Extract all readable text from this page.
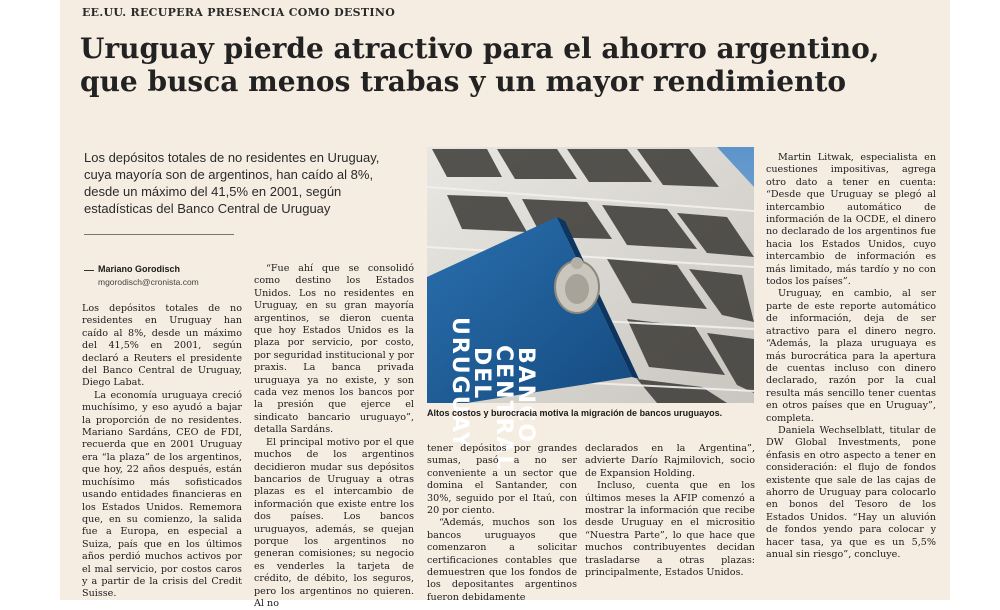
EE.UU. RECUPERA PRESENCIA COMO DESTINO
Uruguay pierde atractivo para el ahorro argentino, que busca menos trabas y un mayor rendimiento
Los depósitos totales de no residentes en Uruguay, cuya mayoría son de argentinos, han caído al 8%, desde un máximo del 41,5% en 2001, según estadísticas del Banco Central de Uruguay
Mariano Gorodisch
mgorodisch@cronista.com

Los depósitos totales de no residentes en Uruguay han caído al 8%, desde un máximo del 41,5% en 2001, según declaró a Reuters el presidente del Banco Central de Uruguay, Diego Labat.

La economía uruguaya creció muchísimo, y eso ayudó a bajar la proporción de no residentes. Mariano Sardáns, CEO de FDI, recuerda que en 2001 Uruguay era “la plaza” de los argentinos, que hoy, 22 años después, están muchísimo más sofisticados usando entidades financieras en los Estados Unidos. Rememora que, en su comienzo, la salida fue a Europa, en especial a Suiza, país que en los últimos años perdió muchos activos por el mal servicio, por costos caros y a partir de la crisis del Credit Suisse.

“Fue ahí que se consolidó como destino los Estados Unidos. Los no residentes en Uruguay, en su gran mayoría argentinos, se dieron cuenta que hoy Estados Unidos es la plaza por servicio, por costo, por seguridad institucional y por praxis. La banca privada uruguaya ya no existe, y son cada vez menos los bancos por la presión que ejerce el sindicato bancario uruguayo”, detalla Sardáns.

El principal motivo por el que muchos de los argentinos decidieron mudar sus depósitos bancarios de Uruguay a otras plazas es el intercambio de información que existe entre los dos países. Los bancos uruguayos, además, se quejan porque los argentinos no generan comisiones; su negocio es venderles la tarjeta de crédito, de débito, los seguros, pero los argentinos no quieren. Al no

BANCO
CENTRAL
DEL
URUGUAY
Altos costos y burocracia motiva la migración de bancos uruguayos.

tener depósitos por grandes sumas, pasó a no ser conveniente a un sector que domina el Santander, con 30%, seguido por el Itaú, con 20 por ciento.

“Además, muchos son los bancos uruguayos que comenzaron a solicitar certificaciones contables que demuestren que los fondos de los depositantes argentinos fueron debidamente

declarados en la Argentina”, advierte Darío Rajmilovich, socio de Expansion Holding.

Incluso, cuenta que en los últimos meses la AFIP comenzó a mostrar la información que recibe desde Uruguay en el micrositio “Nuestra Parte”, lo que hace que muchos contribuyentes decidan trasladarse a otras plazas: principalmente, Estados Unidos.

Martin Litwak, especialista en cuestiones impositivas, agrega otro dato a tener en cuenta: “Desde que Uruguay se plegó al intercambio automático de información de la OCDE, el dinero no declarado de los argentinos fue hacia los Estados Unidos, cuyo intercambio de información es más limitado, más tardío y no con todos los países”.

Uruguay, en cambio, al ser parte de este reporte automático de información, deja de ser atractivo para el dinero negro. “Además, la plaza uruguaya es más burocrática para la apertura de cuentas incluso con dinero declarado, razón por la cual resulta más sencillo tener cuentas en otros países que en Uruguay”, completa.

Daniela Wechselblatt, titular de DW Global Investments, pone énfasis en otro aspecto a tener en consideración: el flujo de fondos existente que sale de las cajas de ahorro de Uruguay para colocarlo en bonos del Tesoro de los Estados Unidos. “Hay un aluvión de fondos yendo para colocar y hacer tasa, ya que es un 5,5% anual sin riesgo”, concluye.
